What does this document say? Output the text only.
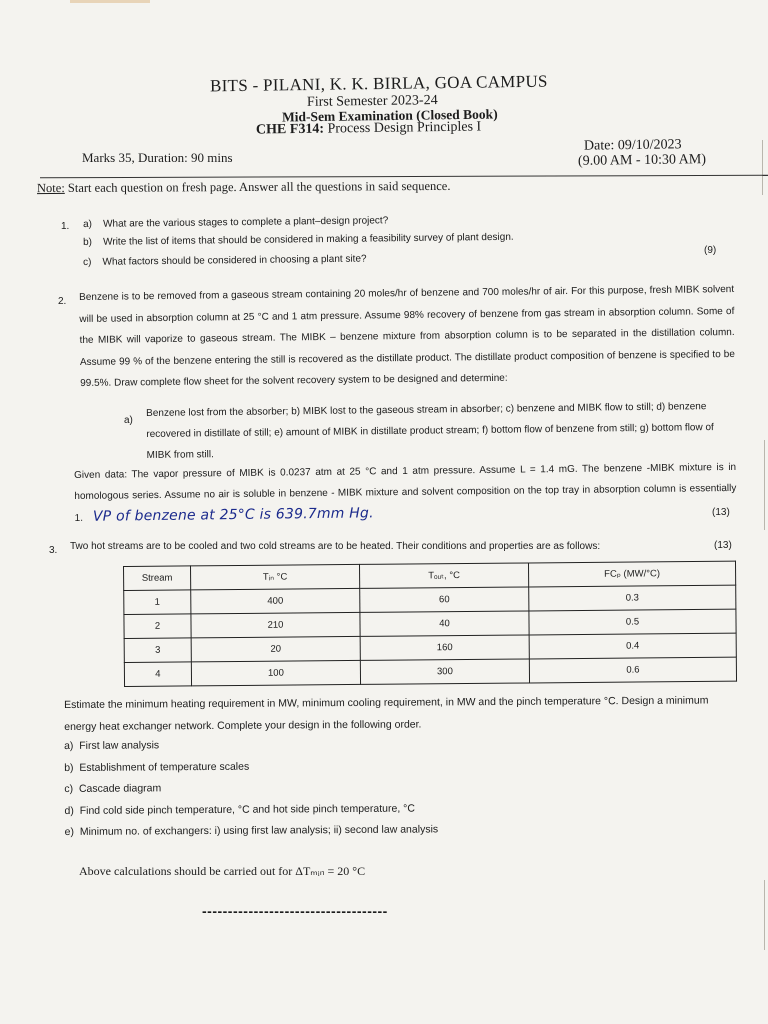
BITS - PILANI, K. K. BIRLA, GOA CAMPUS
First Semester 2023-24
Mid-Sem Examination (Closed Book)
CHE F314: Process Design Principles I
Marks 35, Duration: 90 mins
Date: 09/10/2023
(9.00 AM - 10:30 AM)
Note: Start each question on fresh page. Answer all the questions in said sequence.
1. a) What are the various stages to complete a plant–design project?
b) Write the list of items that should be considered in making a feasibility survey of plant design.
c) What factors should be considered in choosing a plant site?
(9)
2. Benzene is to be removed from a gaseous stream containing 20 moles/hr of benzene and 700 moles/hr of air. For this purpose, fresh MIBK solvent will be used in absorption column at 25 °C and 1 atm pressure. Assume 98% recovery of benzene from gas stream in absorption column. Some of the MIBK will vaporize to gaseous stream. The MIBK – benzene mixture from absorption column is to be separated in the distillation column. Assume 99 % of the benzene entering the still is recovered as the distillate product. The distillate product composition of benzene is specified to be 99.5%. Draw complete flow sheet for the solvent recovery system to be designed and determine:
a)
Benzene lost from the absorber; b) MIBK lost to the gaseous stream in absorber; c) benzene and MIBK flow to still; d) benzene recovered in distillate of still; e) amount of MIBK in distillate product stream; f) bottom flow of benzene from still; g) bottom flow of MIBK from still.
Given data: The vapor pressure of MIBK is 0.0237 atm at 25 °C and 1 atm pressure. Assume L = 1.4 mG. The benzene -MIBK mixture is in homologous series. Assume no air is soluble in benzene - MIBK mixture and solvent composition on the top tray in absorption column is essentially 1. VP of benzene at 25°C is 639.7mm Hg.	(13)
3. Two hot streams are to be cooled and two cold streams are to be heated. Their conditions and properties are as follows:	(13)
Stream	Tᵢₙ °C	Tₒᵤₜ, °C	FCₚ (MW/°C)
1	400	60	0.3
2	210	40	0.5
3	20	160	0.4
4	100	300	0.6
Estimate the minimum heating requirement in MW, minimum cooling requirement, in MW and the pinch temperature °C. Design a minimum energy heat exchanger network. Complete your design in the following order.
a) First law analysis
b) Establishment of temperature scales
c) Cascade diagram
d) Find cold side pinch temperature, °C and hot side pinch temperature, °C
e) Minimum no. of exchangers: i) using first law analysis; ii) second law analysis
Above calculations should be carried out for ΔTₘᵢₙ = 20 °C
------------------------------------
